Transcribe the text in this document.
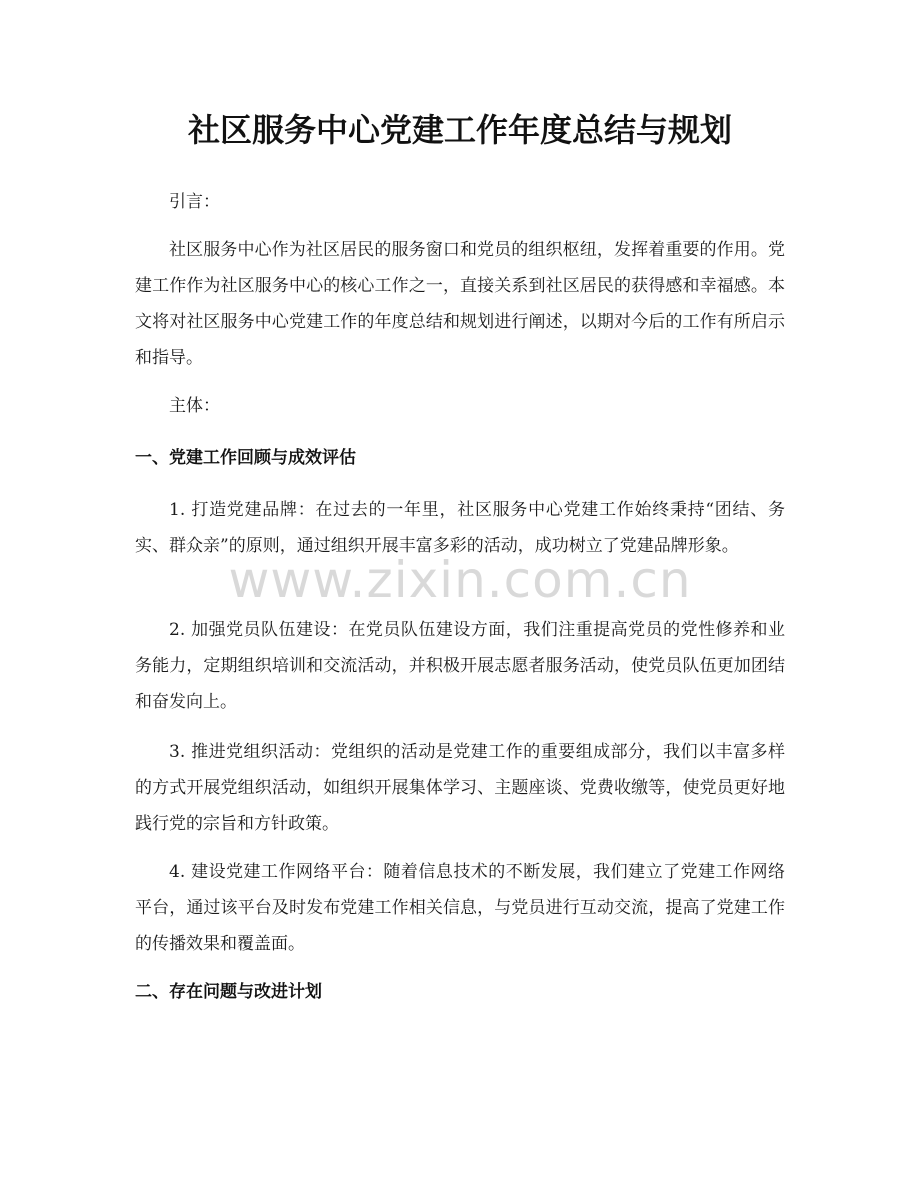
社区服务中心党建工作年度总结与规划
引言：
社区服务中心作为社区居民的服务窗口和党员的组织枢纽，发挥着重要的作用。党建工作作为社区服务中心的核心工作之一，直接关系到社区居民的获得感和幸福感。本文将对社区服务中心党建工作的年度总结和规划进行阐述，以期对今后的工作有所启示和指导。
主体：
一、党建工作回顾与成效评估
1. 打造党建品牌：在过去的一年里，社区服务中心党建工作始终秉持“团结、务实、群众亲”的原则，通过组织开展丰富多彩的活动，成功树立了党建品牌形象。
2. 加强党员队伍建设：在党员队伍建设方面，我们注重提高党员的党性修养和业务能力，定期组织培训和交流活动，并积极开展志愿者服务活动，使党员队伍更加团结和奋发向上。
3. 推进党组织活动：党组织的活动是党建工作的重要组成部分，我们以丰富多样的方式开展党组织活动，如组织开展集体学习、主题座谈、党费收缴等，使党员更好地践行党的宗旨和方针政策。
4. 建设党建工作网络平台：随着信息技术的不断发展，我们建立了党建工作网络平台，通过该平台及时发布党建工作相关信息，与党员进行互动交流，提高了党建工作的传播效果和覆盖面。
二、存在问题与改进计划
www.zixin.com.cn
